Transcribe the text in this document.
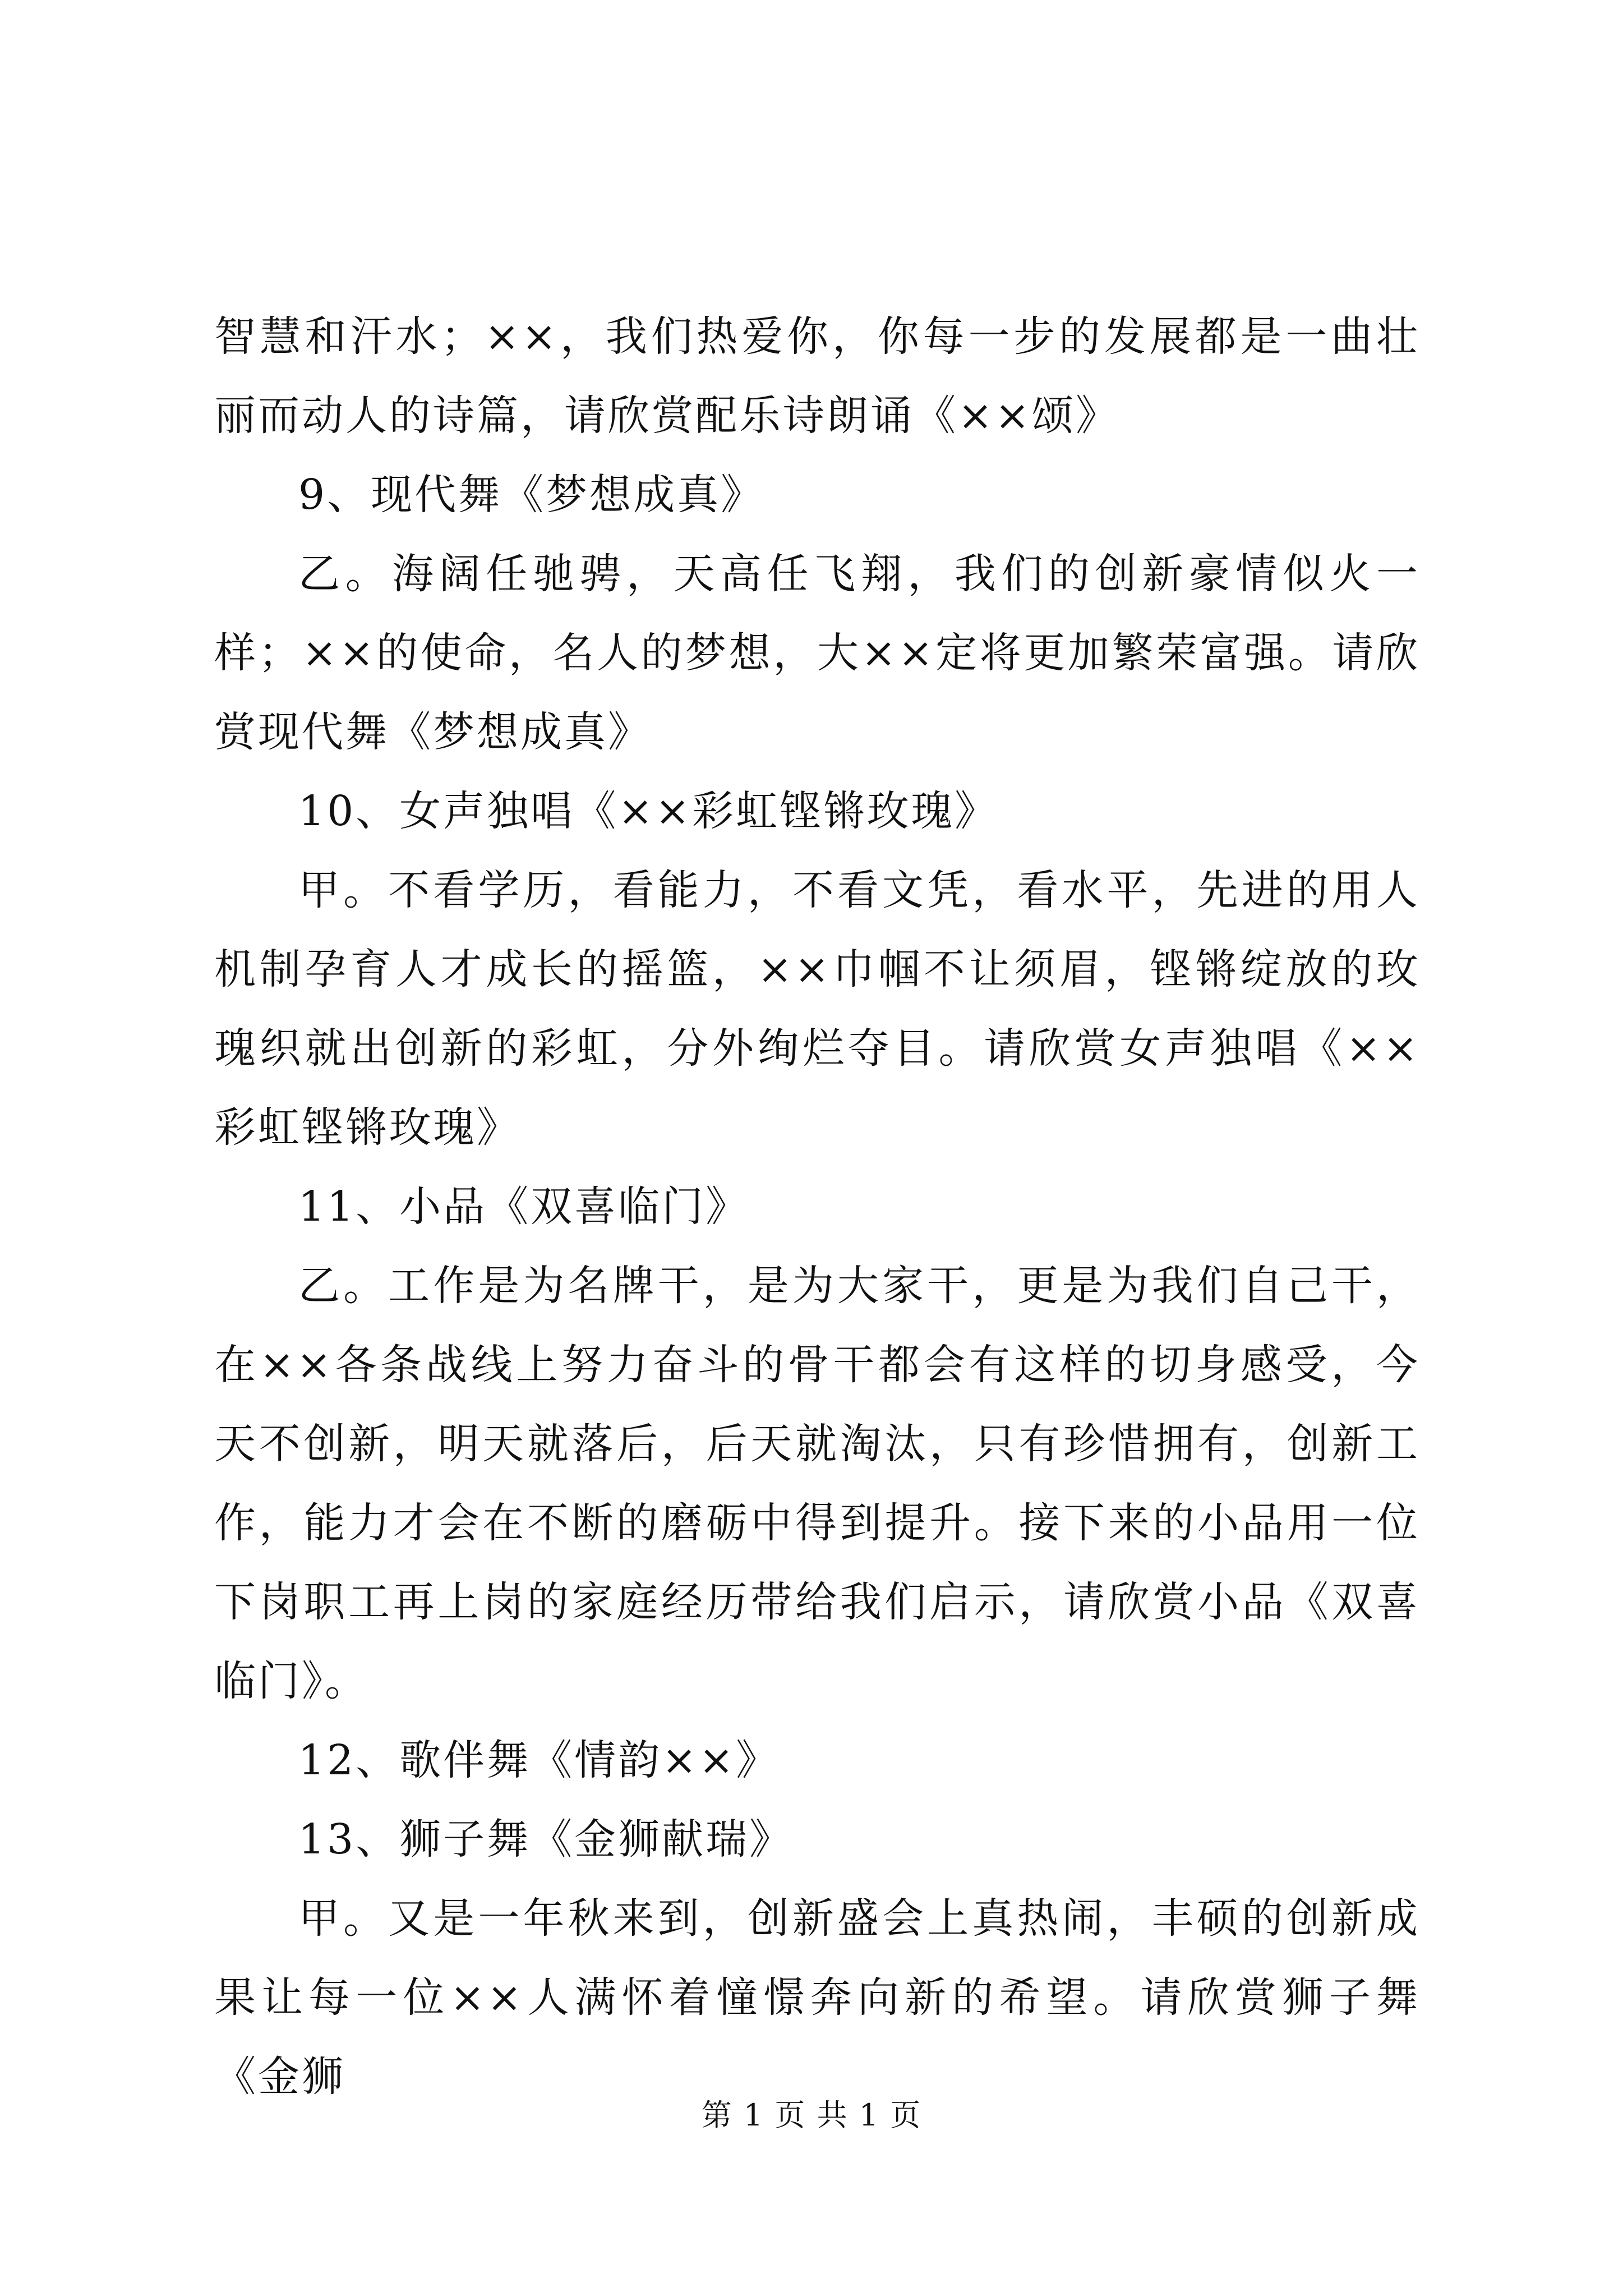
智慧和汗水；××，我们热爱你，你每一步的发展都是一曲壮丽而动人的诗篇，请欣赏配乐诗朗诵《××颂》

9、现代舞《梦想成真》

乙。海阔任驰骋，天高任飞翔，我们的创新豪情似火一样；××的使命，名人的梦想，大××定将更加繁荣富强。请欣赏现代舞《梦想成真》

10、女声独唱《××彩虹铿锵玫瑰》

甲。不看学历，看能力，不看文凭，看水平，先进的用人机制孕育人才成长的摇篮，××巾帼不让须眉，铿锵绽放的玫瑰织就出创新的彩虹，分外绚烂夺目。请欣赏女声独唱《××彩虹铿锵玫瑰》

11、小品《双喜临门》

乙。工作是为名牌干，是为大家干，更是为我们自己干，在××各条战线上努力奋斗的骨干都会有这样的切身感受，今天不创新，明天就落后，后天就淘汰，只有珍惜拥有，创新工作，能力才会在不断的磨砺中得到提升。接下来的小品用一位下岗职工再上岗的家庭经历带给我们启示，请欣赏小品《双喜临门》。

12、歌伴舞《情韵××》

13、狮子舞《金狮献瑞》

甲。又是一年秋来到，创新盛会上真热闹，丰硕的创新成果让每一位××人满怀着憧憬奔向新的希望。请欣赏狮子舞《金狮

第 1 页 共 1 页
